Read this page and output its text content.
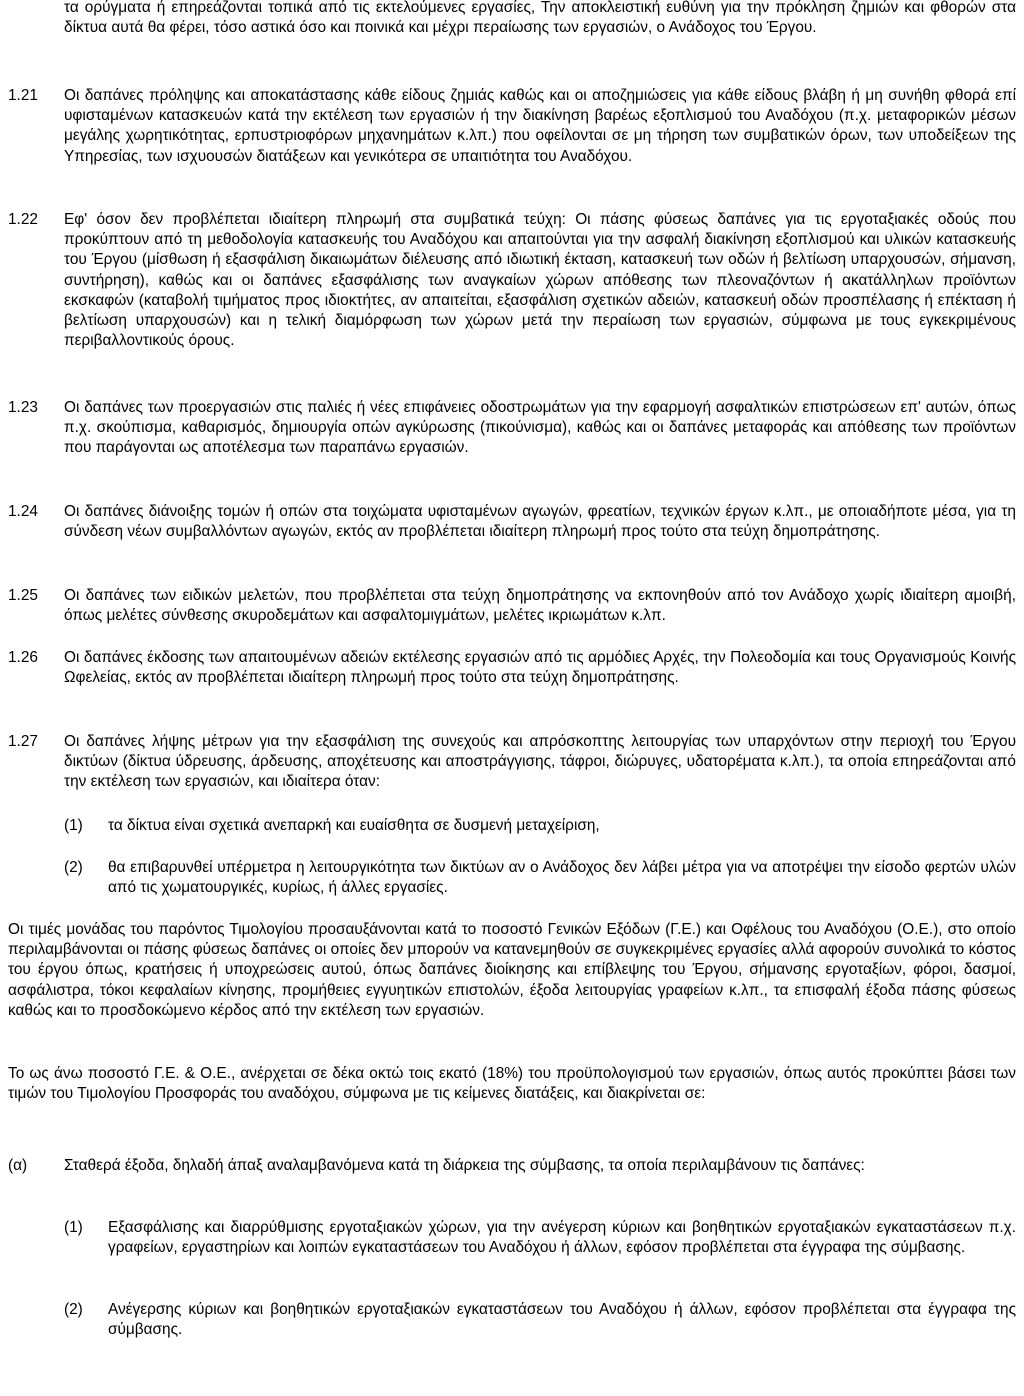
τα ορύγματα ή επηρεάζονται τοπικά από τις εκτελούμενες εργασίες, Την αποκλειστική ευθύνη για την πρόκληση ζημιών και φθορών στα δίκτυα αυτά θα φέρει, τόσο αστικά όσο και ποινικά και μέχρι περαίωσης των εργασιών, ο Ανάδοχος του Έργου.

1.21	Οι δαπάνες πρόληψης και αποκατάστασης κάθε είδους ζημιάς καθώς και οι αποζημιώσεις για κάθε είδους βλάβη ή μη συνήθη φθορά επί υφισταμένων κατασκευών κατά την εκτέλεση των εργασιών ή την διακίνηση βαρέως εξοπλισμού του Αναδόχου (π.χ. μεταφορικών μέσων μεγάλης χωρητικότητας, ερπυστριοφόρων μηχανημάτων κ.λπ.) που οφείλονται σε μη τήρηση των συμβατικών όρων, των υποδείξεων της Υπηρεσίας, των ισχυουσών διατάξεων και γενικότερα σε υπαιτιότητα του Αναδόχου.

1.22	Εφ' όσον δεν προβλέπεται ιδιαίτερη πληρωμή στα συμβατικά τεύχη: Οι πάσης φύσεως δαπάνες για τις εργοταξιακές οδούς που προκύπτουν από τη μεθοδολογία κατασκευής του Αναδόχου και απαιτούνται για την ασφαλή διακίνηση εξοπλισμού και υλικών κατασκευής του Έργου (μίσθωση ή εξασφάλιση δικαιωμάτων διέλευσης από ιδιωτική έκταση, κατασκευή των οδών ή βελτίωση υπαρχουσών, σήμανση, συντήρηση), καθώς και οι δαπάνες εξασφάλισης των αναγκαίων χώρων απόθεσης των πλεοναζόντων ή ακατάλληλων προϊόντων εκσκαφών (καταβολή τιμήματος προς ιδιοκτήτες, αν απαιτείται, εξασφάλιση σχετικών αδειών, κατασκευή οδών προσπέλασης ή επέκταση ή βελτίωση υπαρχουσών) και η τελική διαμόρφωση των χώρων μετά την περαίωση των εργασιών, σύμφωνα με τους εγκεκριμένους περιβαλλοντικούς όρους.

1.23	Οι δαπάνες των προεργασιών στις παλιές ή νέες επιφάνειες οδοστρωμάτων για την εφαρμογή ασφαλτικών επιστρώσεων επ' αυτών, όπως π.χ. σκούπισμα, καθαρισμός, δημιουργία οπών αγκύρωσης (πικούνισμα), καθώς και οι δαπάνες μεταφοράς και απόθεσης των προϊόντων που παράγονται ως αποτέλεσμα των παραπάνω εργασιών.

1.24	Οι δαπάνες διάνοιξης τομών ή οπών στα τοιχώματα υφισταμένων αγωγών, φρεατίων, τεχνικών έργων κ.λπ., με οποιαδήποτε μέσα, για τη σύνδεση νέων συμβαλλόντων αγωγών, εκτός αν προβλέπεται ιδιαίτερη πληρωμή προς τούτο στα τεύχη δημοπράτησης.

1.25	Οι δαπάνες των ειδικών μελετών, που προβλέπεται στα τεύχη δημοπράτησης να εκπονηθούν από τον Ανάδοχο χωρίς ιδιαίτερη αμοιβή, όπως μελέτες σύνθεσης σκυροδεμάτων και ασφαλτομιγμάτων, μελέτες ικριωμάτων κ.λπ.

1.26	Οι δαπάνες έκδοσης των απαιτουμένων αδειών εκτέλεσης εργασιών από τις αρμόδιες Αρχές, την Πολεοδομία και τους Οργανισμούς Κοινής Ωφελείας, εκτός αν προβλέπεται ιδιαίτερη πληρωμή προς τούτο στα τεύχη δημοπράτησης.

1.27	Οι δαπάνες λήψης μέτρων για την εξασφάλιση της συνεχούς και απρόσκοπτης λειτουργίας των υπαρχόντων στην περιοχή του Έργου δικτύων (δίκτυα ύδρευσης, άρδευσης, αποχέτευσης και αποστράγγισης, τάφροι, διώρυγες, υδατορέματα κ.λπ.), τα οποία επηρεάζονται από την εκτέλεση των εργασιών, και ιδιαίτερα όταν:

(1)	τα δίκτυα είναι σχετικά ανεπαρκή και ευαίσθητα σε δυσμενή μεταχείριση,

(2)	θα επιβαρυνθεί υπέρμετρα η λειτουργικότητα των δικτύων αν ο Ανάδοχος δεν λάβει μέτρα για να αποτρέψει την είσοδο φερτών υλών από τις χωματουργικές, κυρίως, ή άλλες εργασίες.

Οι τιμές μονάδας του παρόντος Τιμολογίου προσαυξάνονται κατά το ποσοστό Γενικών Εξόδων (Γ.Ε.) και Οφέλους του Αναδόχου (Ο.Ε.), στο οποίο περιλαμβάνονται οι πάσης φύσεως δαπάνες οι οποίες δεν μπορούν να κατανεμηθούν σε συγκεκριμένες εργασίες αλλά αφορούν συνολικά το κόστος του έργου όπως, κρατήσεις ή υποχρεώσεις αυτού, όπως δαπάνες διοίκησης και επίβλεψης του Έργου, σήμανσης εργοταξίων, φόροι, δασμοί, ασφάλιστρα, τόκοι κεφαλαίων κίνησης, προμήθειες εγγυητικών επιστολών, έξοδα λειτουργίας γραφείων κ.λπ., τα επισφαλή έξοδα πάσης φύσεως καθώς και το προσδοκώμενο κέρδος από την εκτέλεση των εργασιών.

Το ως άνω ποσοστό Γ.Ε. & Ο.Ε., ανέρχεται σε δέκα οκτώ τοις εκατό (18%) του προϋπολογισμού των εργασιών, όπως αυτός προκύπτει βάσει των τιμών του Τιμολογίου Προσφοράς του αναδόχου, σύμφωνα με τις κείμενες διατάξεις, και διακρίνεται σε:

(α)	Σταθερά έξοδα, δηλαδή άπαξ αναλαμβανόμενα κατά τη διάρκεια της σύμβασης, τα οποία περιλαμβάνουν τις δαπάνες:

(1)	Εξασφάλισης και διαρρύθμισης εργοταξιακών χώρων, για την ανέγερση κύριων και βοηθητικών εργοταξιακών εγκαταστάσεων π.χ. γραφείων, εργαστηρίων και λοιπών εγκαταστάσεων του Αναδόχου ή άλλων, εφόσον προβλέπεται στα έγγραφα της σύμβασης.

(2)	Ανέγερσης κύριων και βοηθητικών εργοταξιακών εγκαταστάσεων του Αναδόχου ή άλλων, εφόσον προβλέπεται στα έγγραφα της σύμβασης.
